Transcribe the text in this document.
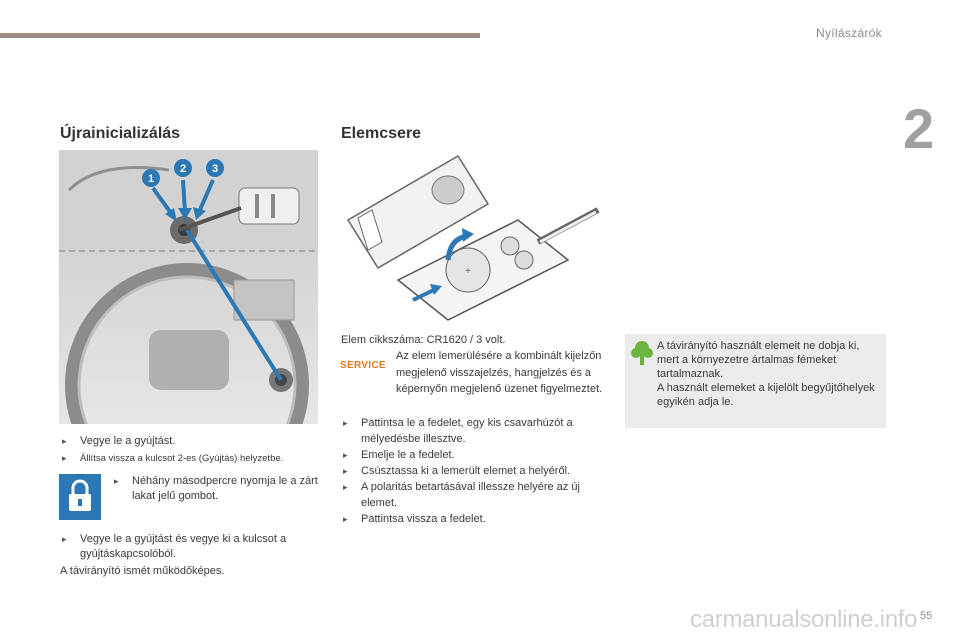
Nyílászárók
2
Újrainicializálás
1
2 3
▸ Vegye le a gyújtást.
▸ Állítsa vissza a kulcsot 2-es (Gyújtás) helyzetbe.
▸ Néhány másodpercre nyomja le a zárt lakat jelű gombot.
▸ Vegye le a gyújtást és vegye ki a kulcsot a gyújtáskapcsolóból.
A távirányító ismét működőképes.
Elemcsere
+
Elem cikkszáma: CR1620 / 3 volt.
SERVICE
Az elem lemerülésére a kombinált kijelzőn megjelenő visszajelzés, hangjelzés és a képernyőn megjelenő üzenet figyelmeztet.
▸ Pattintsa le a fedelet, egy kis csavarhúzót a mélyedésbe illesztve.
▸ Emelje le a fedelet.
▸ Csúsztassa ki a lemerült elemet a helyéről.
▸ A polaritás betartásával illessze helyére az új elemet.
▸ Pattintsa vissza a fedelet.
A távirányító használt elemeit ne dobja ki, mert a környezetre ártalmas fémeket tartalmaznak.
A használt elemeket a kijelölt begyűjtőhelyek egyikén adja le.
carmanualsonline.info 55
